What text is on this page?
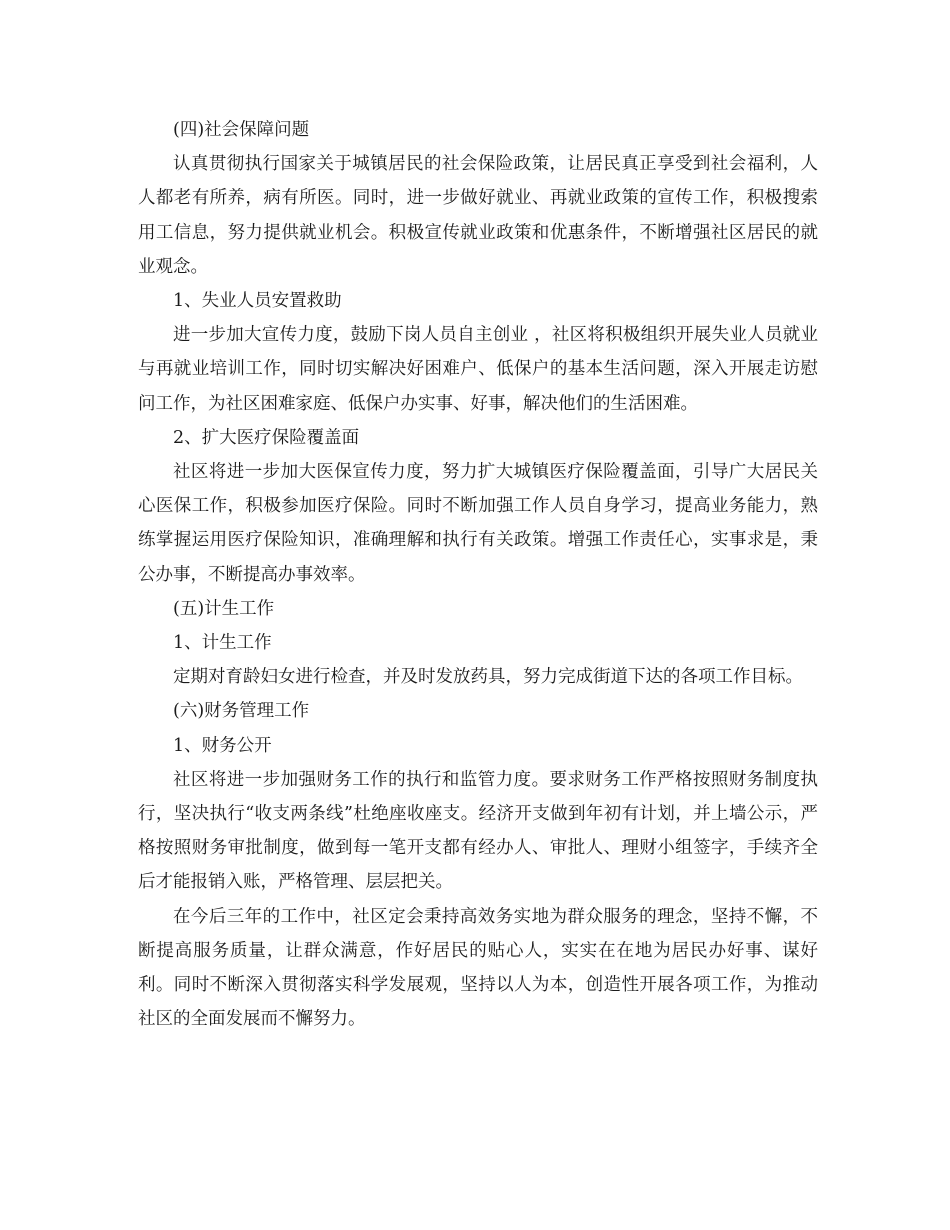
(四)社会保障问题

认真贯彻执行国家关于城镇居民的社会保险政策，让居民真正享受到社会福利，人人都老有所养，病有所医。同时，进一步做好就业、再就业政策的宣传工作，积极搜索用工信息，努力提供就业机会。积极宣传就业政策和优惠条件，不断增强社区居民的就业观念。

1、失业人员安置救助

进一步加大宣传力度，鼓励下岗人员自主创业 ，社区将积极组织开展失业人员就业与再就业培训工作，同时切实解决好困难户、低保户的基本生活问题，深入开展走访慰问工作，为社区困难家庭、低保户办实事、好事，解决他们的生活困难。

2、扩大医疗保险覆盖面

社区将进一步加大医保宣传力度，努力扩大城镇医疗保险覆盖面，引导广大居民关心医保工作，积极参加医疗保险。同时不断加强工作人员自身学习，提高业务能力，熟练掌握运用医疗保险知识，准确理解和执行有关政策。增强工作责任心，实事求是，秉公办事，不断提高办事效率。

(五)计生工作

1、计生工作

定期对育龄妇女进行检查，并及时发放药具，努力完成街道下达的各项工作目标。

(六)财务管理工作

1、财务公开

社区将进一步加强财务工作的执行和监管力度。要求财务工作严格按照财务制度执行，坚决执行“收支两条线”杜绝座收座支。经济开支做到年初有计划，并上墙公示，严格按照财务审批制度，做到每一笔开支都有经办人、审批人、理财小组签字，手续齐全后才能报销入账，严格管理、层层把关。

在今后三年的工作中，社区定会秉持高效务实地为群众服务的理念，坚持不懈，不断提高服务质量，让群众满意，作好居民的贴心人，实实在在地为居民办好事、谋好利。同时不断深入贯彻落实科学发展观，坚持以人为本，创造性开展各项工作，为推动社区的全面发展而不懈努力。
